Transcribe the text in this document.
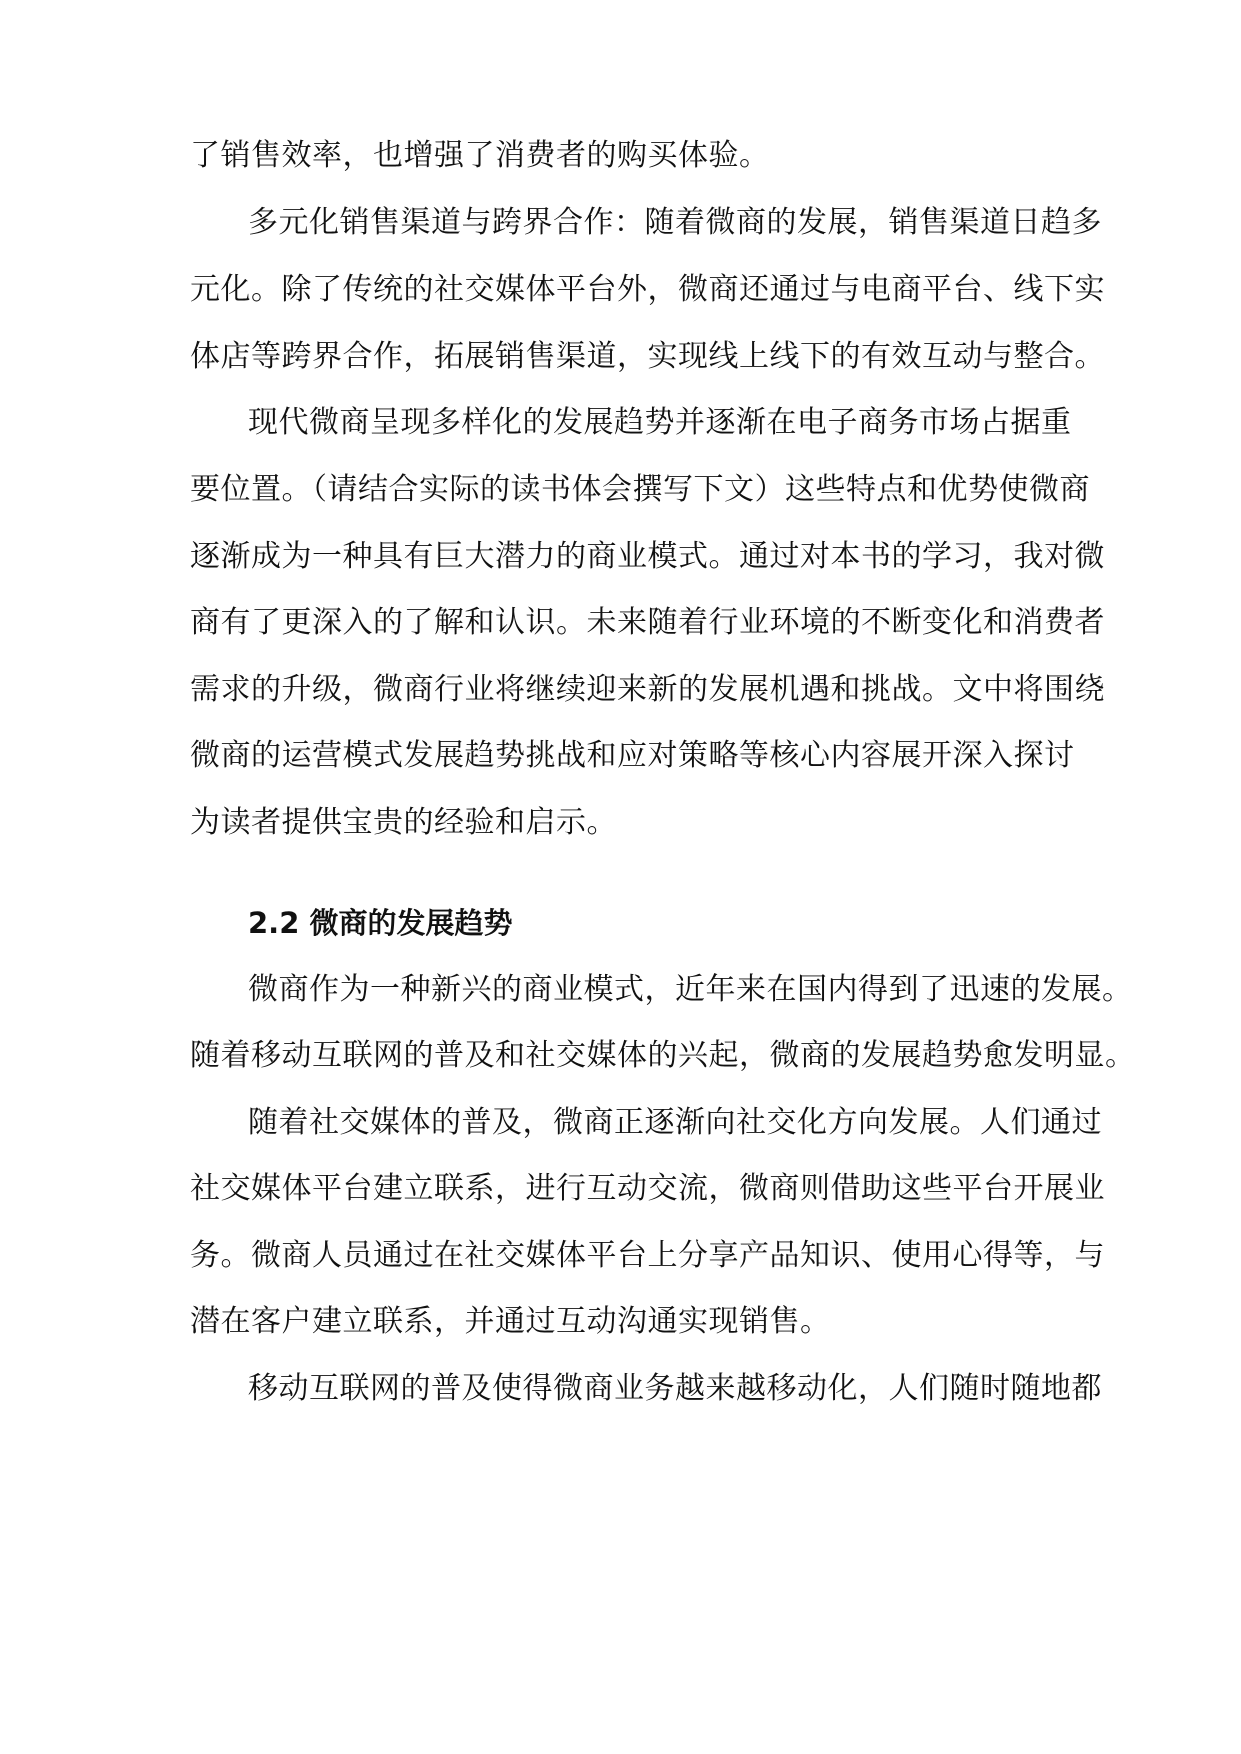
了销售效率，也增强了消费者的购买体验。
多元化销售渠道与跨界合作：随着微商的发展，销售渠道日趋多
元化。除了传统的社交媒体平台外，微商还通过与电商平台、线下实
体店等跨界合作，拓展销售渠道，实现线上线下的有效互动与整合。
现代微商呈现多样化的发展趋势并逐渐在电子商务市场占据重
要位置。（请结合实际的读书体会撰写下文）这些特点和优势使微商
逐渐成为一种具有巨大潜力的商业模式。通过对本书的学习，我对微
商有了更深入的了解和认识。未来随着行业环境的不断变化和消费者
需求的升级，微商行业将继续迎来新的发展机遇和挑战。文中将围绕
微商的运营模式发展趋势挑战和应对策略等核心内容展开深入探讨
为读者提供宝贵的经验和启示。
2.2 微商的发展趋势
微商作为一种新兴的商业模式，近年来在国内得到了迅速的发展。
随着移动互联网的普及和社交媒体的兴起，微商的发展趋势愈发明显。
随着社交媒体的普及，微商正逐渐向社交化方向发展。人们通过
社交媒体平台建立联系，进行互动交流，微商则借助这些平台开展业
务。微商人员通过在社交媒体平台上分享产品知识、使用心得等，与
潜在客户建立联系，并通过互动沟通实现销售。
移动互联网的普及使得微商业务越来越移动化，人们随时随地都
